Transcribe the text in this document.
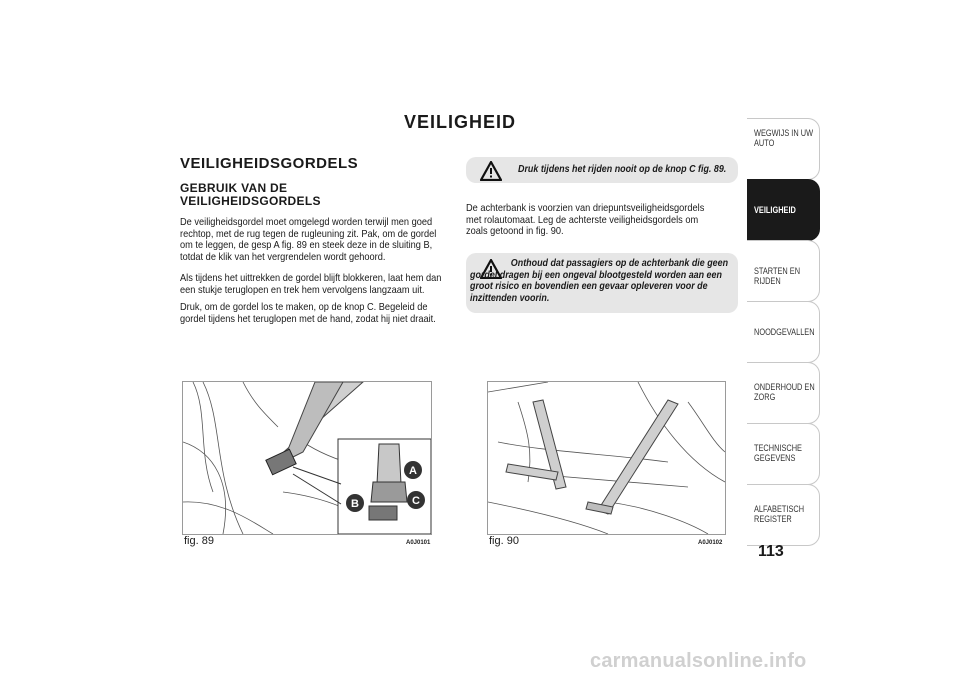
VEILIGHEID
VEILIGHEIDSGORDELS
GEBRUIK VAN DE
VEILIGHEIDSGORDELS
De veiligheidsgordel moet omgelegd worden terwijl men goed rechtop, met de rug tegen de rugleuning zit. Pak, om de gordel om te leggen, de gesp A fig. 89 en steek deze in de sluiting B, totdat de klik van het vergrendelen wordt gehoord.
Als tijdens het uittrekken de gordel blijft blokkeren, laat hem dan een stukje teruglopen en trek hem vervolgens langzaam uit.
Druk, om de gordel los te maken, op de knop C. Begeleid de gordel tijdens het teruglopen met de hand, zodat hij niet draait.
Druk tijdens het rijden nooit op de knop C fig. 89.
De achterbank is voorzien van driepuntsveiligheidsgordels met rolautomaat. Leg de achterste veiligheidsgordels om zoals getoond in fig. 90.
Onthoud dat passagiers op de achterbank die geen gordel dragen bij een ongeval blootgesteld worden aan een groot risico en bovendien een gevaar opleveren voor de inzittenden voorin.
A
B	C
fig. 89	A0J0101	fig. 90	A0J0102
WEGWIJS IN UW AUTO
VEILIGHEID
STARTEN EN RIJDEN
NOODGEVALLEN
ONDERHOUD EN ZORG
TECHNISCHE GEGEVENS
ALFABETISCH REGISTER
113
carmanualsonline.info
